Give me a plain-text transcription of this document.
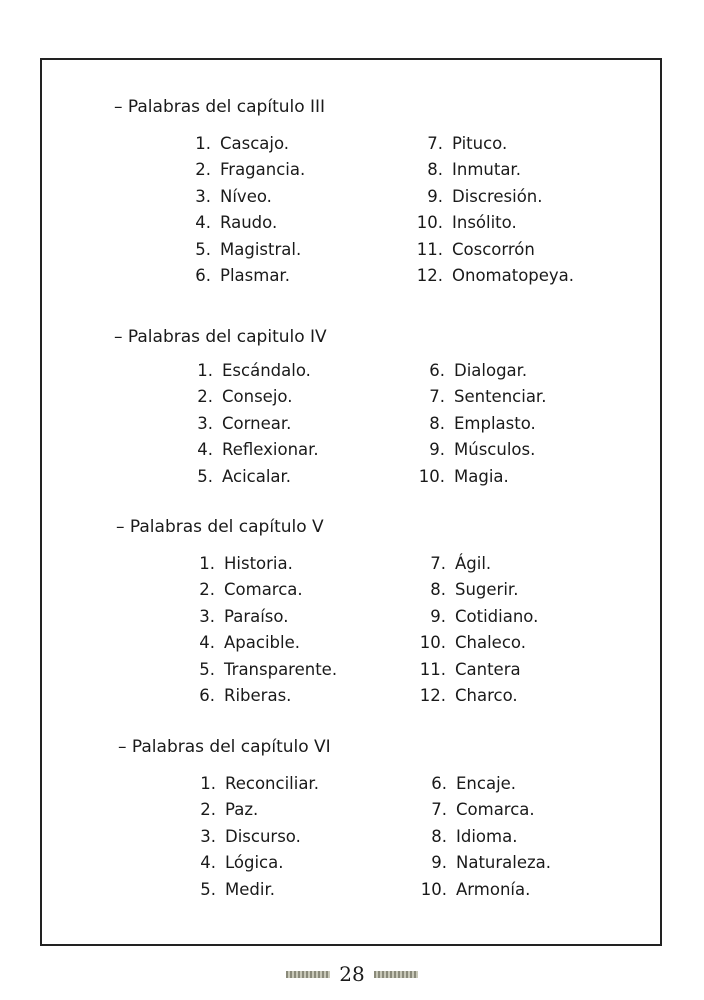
– Palabras del capítulo III
1. Cascajo.
2. Fragancia.
3. Níveo.
4. Raudo.
5. Magistral.
6. Plasmar.
7. Pituco.
8. Inmutar.
9. Discresión.
10. Insólito.
11. Coscorrón
12. Onomatopeya.
– Palabras del capitulo IV
1. Escándalo.
2. Consejo.
3. Cornear.
4. Reflexionar.
5. Acicalar.
6. Dialogar.
7. Sentenciar.
8. Emplasto.
9. Músculos.
10. Magia.
– Palabras del capítulo V
1. Historia.
2. Comarca.
3. Paraíso.
4. Apacible.
5. Transparente.
6. Riberas.
7. Ágil.
8. Sugerir.
9. Cotidiano.
10. Chaleco.
11. Cantera
12. Charco.
– Palabras del capítulo VI
1. Reconciliar.
2. Paz.
3. Discurso.
4. Lógica.
5. Medir.
6. Encaje.
7. Comarca.
8. Idioma.
9. Naturaleza.
10. Armonía.
28
